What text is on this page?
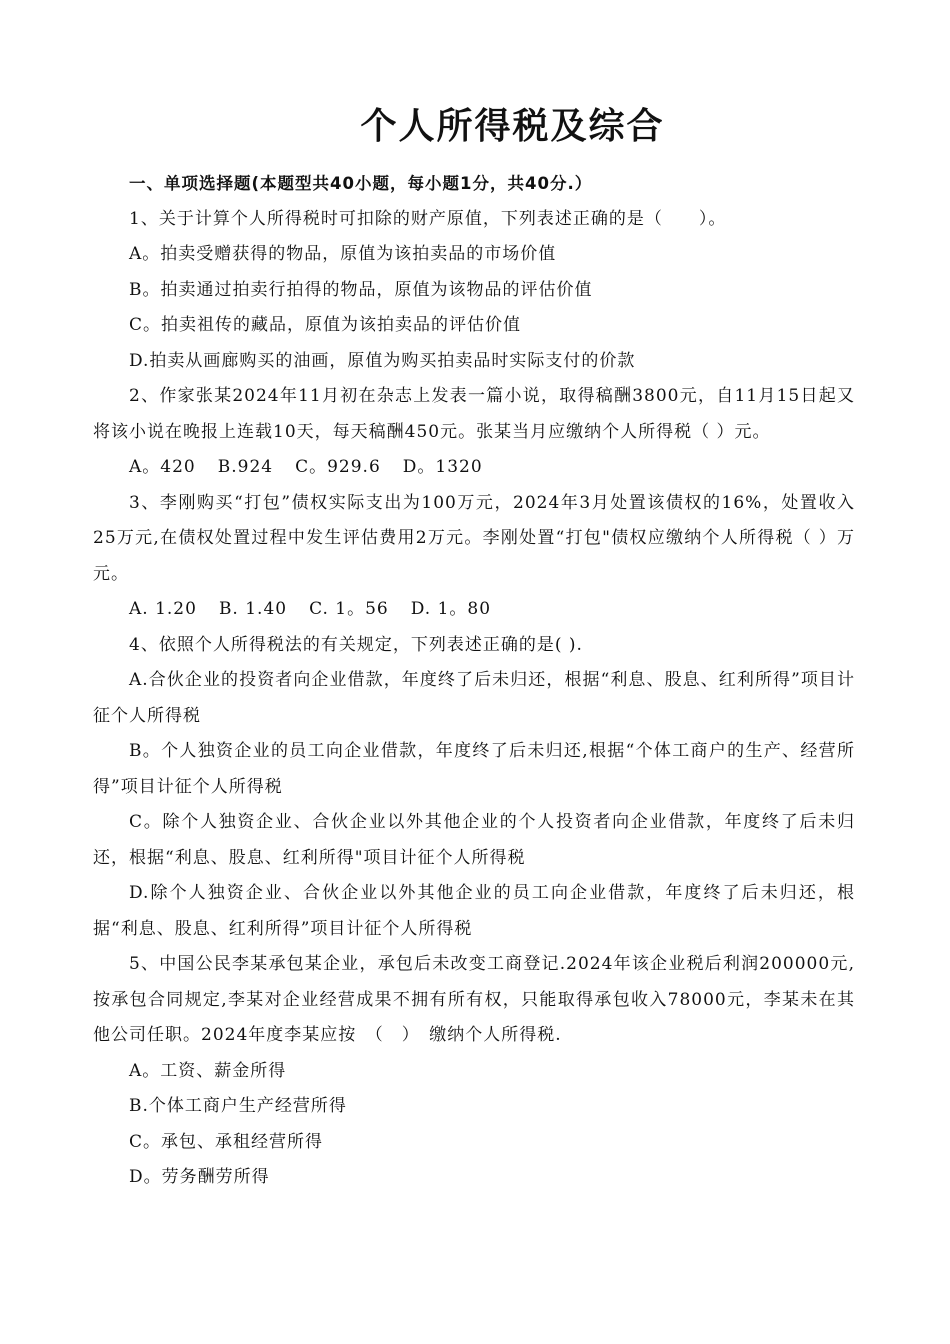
个人所得税及综合

一、单项选择题(本题型共40小题，每小题1分，共40分.）

1、关于计算个人所得税时可扣除的财产原值，下列表述正确的是（　　）。

A。拍卖受赠获得的物品，原值为该拍卖品的市场价值

B。拍卖通过拍卖行拍得的物品，原值为该物品的评估价值

C。拍卖祖传的藏品，原值为该拍卖品的评估价值

D.拍卖从画廊购买的油画，原值为购买拍卖品时实际支付的价款

2、作家张某2024年11月初在杂志上发表一篇小说，取得稿酬3800元，自11月15日起又将该小说在晚报上连载10天，每天稿酬450元。张某当月应缴纳个人所得税（ ）元。

A。420 B.924 C。929.6 D。1320

3、李刚购买“打包”债权实际支出为100万元，2024年3月处置该债权的16%，处置收入25万元,在债权处置过程中发生评估费用2万元。李刚处置“打包"债权应缴纳个人所得税（ ）万元。

A. 1.20 B. 1.40 C. 1。56 D. 1。80

4、依照个人所得税法的有关规定，下列表述正确的是( ).

A.合伙企业的投资者向企业借款，年度终了后未归还，根据“利息、股息、红利所得”项目计征个人所得税

B。个人独资企业的员工向企业借款，年度终了后未归还,根据“个体工商户的生产、经营所得”项目计征个人所得税

C。除个人独资企业、合伙企业以外其他企业的个人投资者向企业借款，年度终了后未归还，根据“利息、股息、红利所得"项目计征个人所得税

D.除个人独资企业、合伙企业以外其他企业的员工向企业借款，年度终了后未归还，根据“利息、股息、红利所得”项目计征个人所得税

5、中国公民李某承包某企业，承包后未改变工商登记.2024年该企业税后利润200000元,按承包合同规定,李某对企业经营成果不拥有所有权，只能取得承包收入78000元，李某未在其他公司任职。2024年度李某应按　（　）　缴纳个人所得税.

A。工资、薪金所得

B.个体工商户生产经营所得

C。承包、承租经营所得

D。劳务酬劳所得
